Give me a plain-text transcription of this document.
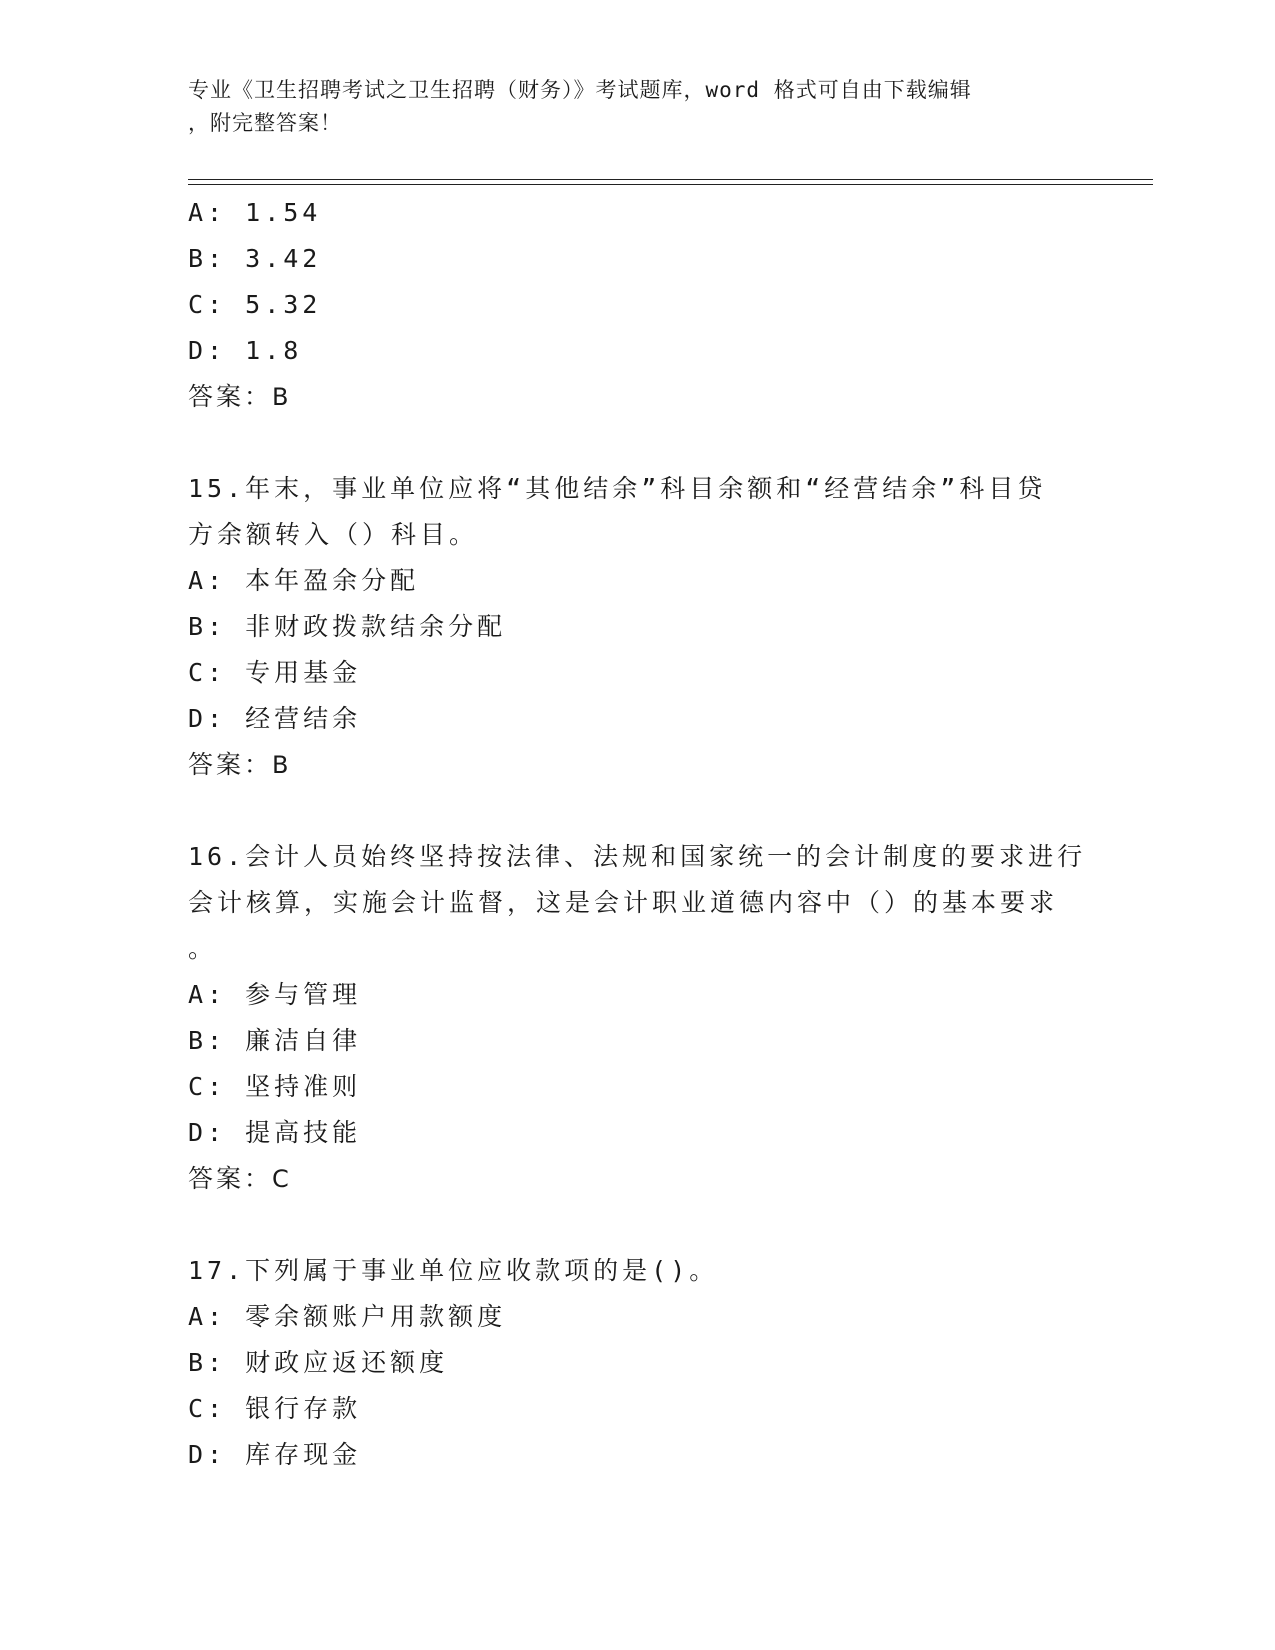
专业《卫生招聘考试之卫生招聘（财务）》考试题库，word 格式可自由下载编辑
，附完整答案！
A: 1.54
B: 3.42
C: 5.32
D: 1.8
答案：B
15.年末，事业单位应将“其他结余”科目余额和“经营结余”科目贷
方余额转入（）科目。
A: 本年盈余分配
B: 非财政拨款结余分配
C: 专用基金
D: 经营结余
答案：B
16.会计人员始终坚持按法律、法规和国家统一的会计制度的要求进行
会计核算，实施会计监督，这是会计职业道德内容中（）的基本要求
。
A: 参与管理
B: 廉洁自律
C: 坚持准则
D: 提高技能
答案：C
17.下列属于事业单位应收款项的是()。
A: 零余额账户用款额度
B: 财政应返还额度
C: 银行存款
D: 库存现金
